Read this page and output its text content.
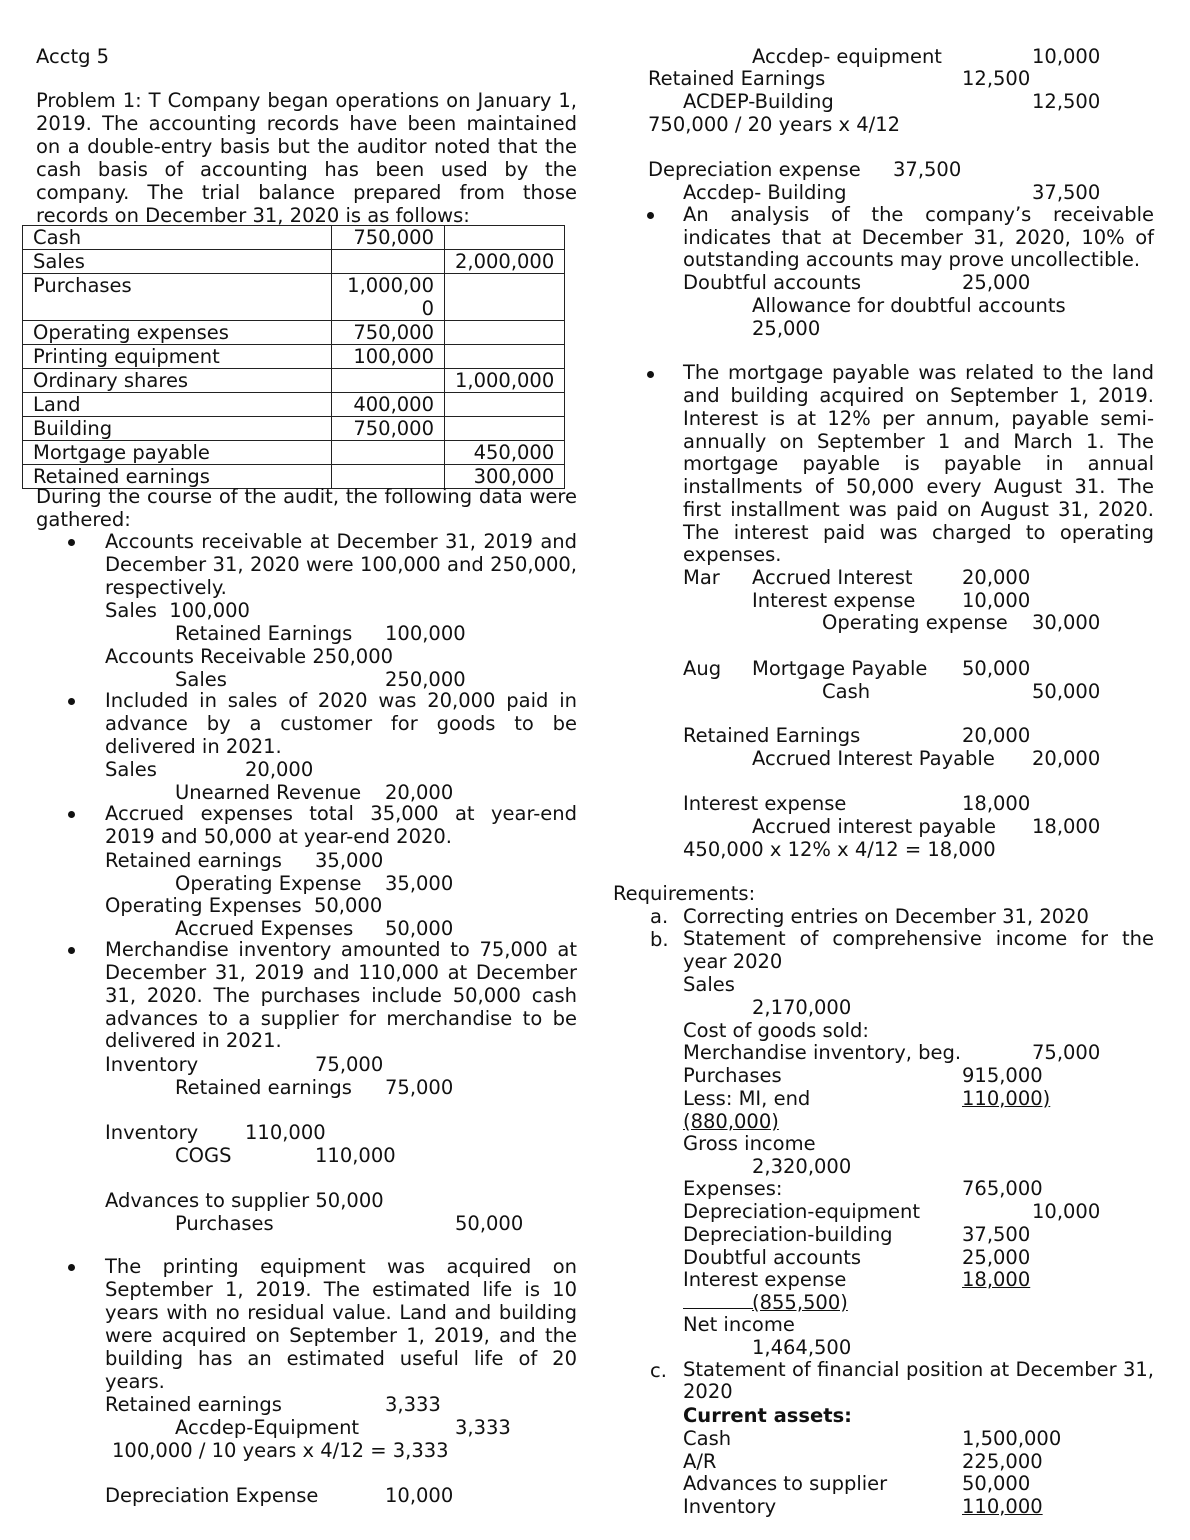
Acctg 5
Problem 1: T Company began operations on January 1,
2019. The accounting records have been maintained
on a double-entry basis but the auditor noted that the
cash basis of accounting has been used by the
company. The trial balance prepared from those
records on December 31, 2020 is as follows:
Cash	750,000	
Sales		2,000,000
Purchases	1,000,00
0	
Operating expenses	750,000	
Printing equipment	100,000	
Ordinary shares		1,000,000
Land	400,000	
Building	750,000	
Mortgage payable		450,000
Retained earnings		300,000
During the course of the audit, the following data were
gathered:
Accounts receivable at December 31, 2019 and
December 31, 2020 were 100,000 and 250,000,
respectively.
Sales  100,000
Retained Earnings 100,000
Accounts Receivable 250,000
Sales	250,000
Included in sales of 2020 was 20,000 paid in
advance by a customer for goods to be
delivered in 2021.
Sales	20,000
Unearned Revenue 20,000
Accrued expenses total 35,000 at year-end
2019 and 50,000 at year-end 2020.
Retained earnings 35,000
Operating Expense 35,000
Operating Expenses  50,000
Accrued Expenses 50,000
Merchandise inventory amounted to 75,000 at
December 31, 2019 and 110,000 at December
31, 2020. The purchases include 50,000 cash
advances to a supplier for merchandise to be
delivered in 2021.
Inventory	75,000
Retained earnings 75,000
Inventory 110,000
COGS	110,000
Advances to supplier 50,000
Purchases	50,000
The printing equipment was acquired on
September 1, 2019. The estimated life is 10
years with no residual value. Land and building
were acquired on September 1, 2019, and the
building has an estimated useful life of 20
years.
Retained earnings	3,333
Accdep-Equipment	3,333
100,000 / 10 years x 4/12 = 3,333
Depreciation Expense	10,000
Accdep- equipment	10,000
Retained Earnings	12,500
ACDEP-Building	12,500
750,000 / 20 years x 4/12
Depreciation expense 37,500
Accdep- Building	37,500
An analysis of the company’s receivable
indicates that at December 31, 2020, 10% of
outstanding accounts may prove uncollectible.
Doubtful accounts	25,000
Allowance for doubtful accounts
25,000
The mortgage payable was related to the land
and building acquired on September 1, 2019.
Interest is at 12% per annum, payable semi-
annually on September 1 and March 1. The
mortgage payable is payable in annual
installments of 50,000 every August 31. The
first installment was paid on August 31, 2020.
The interest paid was charged to operating
expenses.
Mar Accrued Interest	20,000
Interest expense 10,000
Operating expense 30,000
Aug Mortgage Payable 50,000
Cash	50,000
Retained Earnings	20,000
Accrued Interest Payable 20,000
Interest expense	18,000
Accrued interest payable 18,000
450,000 x 12% x 4/12 = 18,000
Requirements:
a. Correcting entries on December 31, 2020
b. Statement of comprehensive income for the
year 2020
Sales
2,170,000
Cost of goods sold:
Merchandise inventory, beg.	75,000
Purchases	915,000
Less: MI, end	110,000)
(880,000)
Gross income
2,320,000
Expenses:	765,000
Depreciation-equipment	10,000
Depreciation-building	37,500
Doubtful accounts	25,000
Interest expense	18,000
(855,500)
Net income
1,464,500
c. Statement of financial position at December 31,
2020
Current assets:
Cash	1,500,000
A/R	225,000
Advances to supplier	50,000
Inventory	110,000
